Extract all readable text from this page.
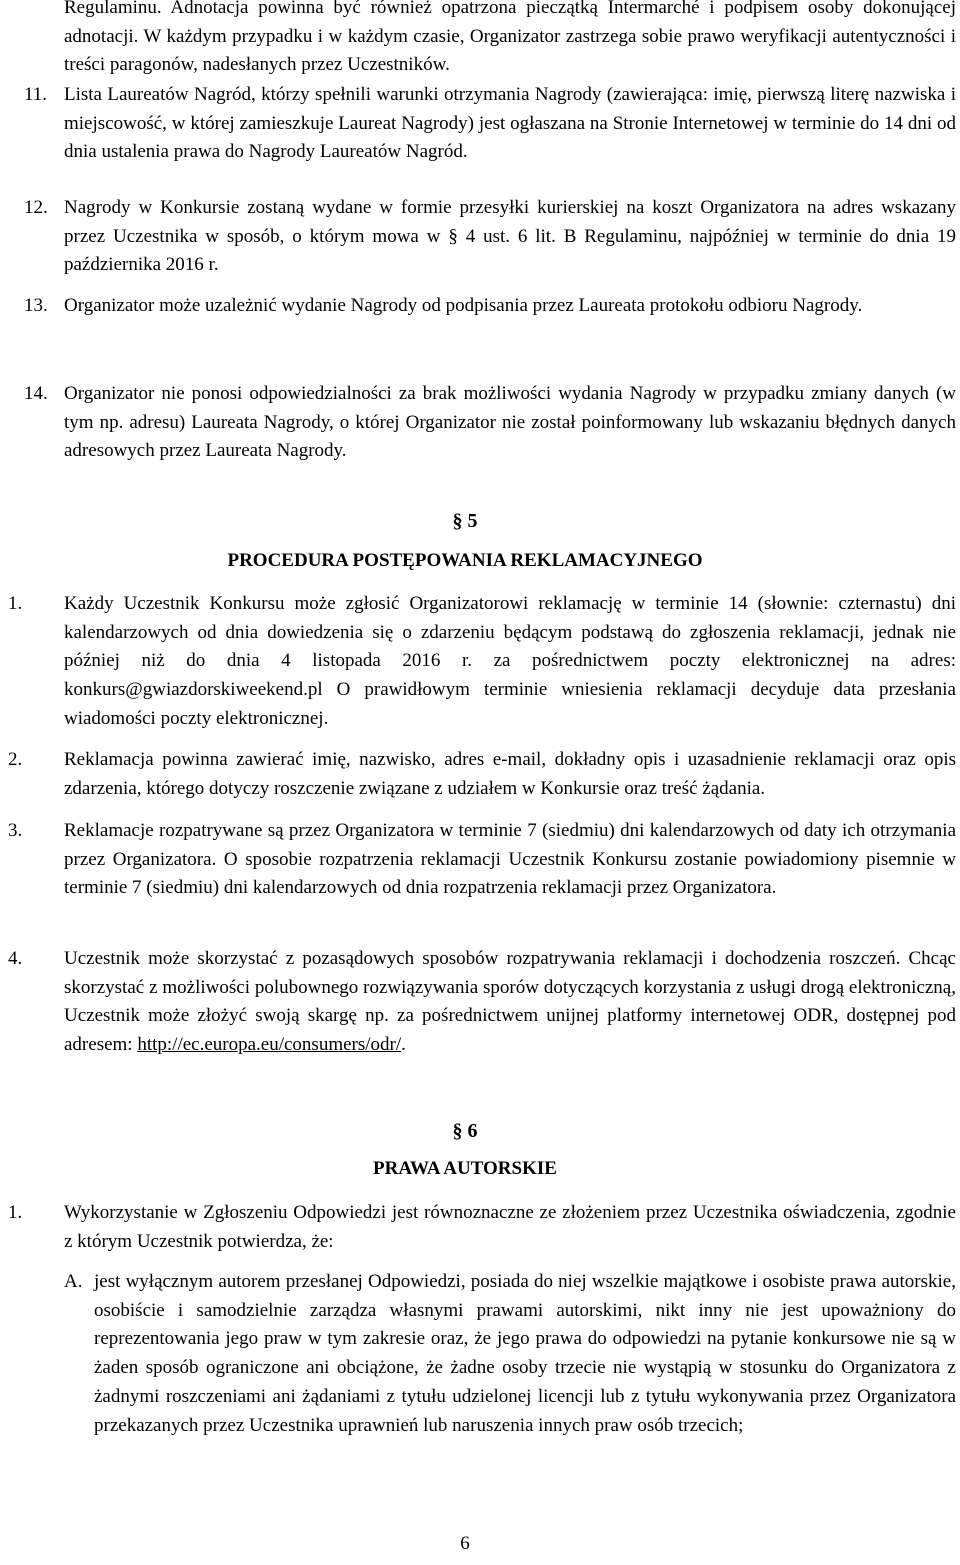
Regulaminu. Adnotacja powinna być również opatrzona pieczątką Intermarché i podpisem osoby dokonującej adnotacji. W każdym przypadku i w każdym czasie, Organizator zastrzega sobie prawo weryfikacji autentyczności i treści paragonów, nadesłanych przez Uczestników.
11. Lista Laureatów Nagród, którzy spełnili warunki otrzymania Nagrody (zawierająca: imię, pierwszą literę nazwiska i miejscowość, w której zamieszkuje Laureat Nagrody) jest ogłaszana na Stronie Internetowej w terminie do 14 dni od dnia ustalenia prawa do Nagrody Laureatów Nagród.
12. Nagrody w Konkursie zostaną wydane w formie przesyłki kurierskiej na koszt Organizatora na adres wskazany przez Uczestnika w sposób, o którym mowa w § 4 ust. 6 lit. B Regulaminu, najpóźniej w terminie do dnia 19 października 2016 r.
13. Organizator może uzależnić wydanie Nagrody od podpisania przez Laureata protokołu odbioru Nagrody.
14. Organizator nie ponosi odpowiedzialności za brak możliwości wydania Nagrody w przypadku zmiany danych (w tym np. adresu) Laureata Nagrody, o której Organizator nie został poinformowany lub wskazaniu błędnych danych adresowych przez Laureata Nagrody.
§ 5
PROCEDURA POSTĘPOWANIA REKLAMACYJNEGO
1. Każdy Uczestnik Konkursu może zgłosić Organizatorowi reklamację w terminie 14 (słownie: czternastu) dni kalendarzowych od dnia dowiedzenia się o zdarzeniu będącym podstawą do zgłoszenia reklamacji, jednak nie później niż do dnia 4 listopada 2016 r. za pośrednictwem poczty elektronicznej na adres: konkurs@gwiazdorskiweekend.pl O prawidłowym terminie wniesienia reklamacji decyduje data przesłania wiadomości poczty elektronicznej.
2. Reklamacja powinna zawierać imię, nazwisko, adres e-mail, dokładny opis i uzasadnienie reklamacji oraz opis zdarzenia, którego dotyczy roszczenie związane z udziałem w Konkursie oraz treść żądania.
3. Reklamacje rozpatrywane są przez Organizatora w terminie 7 (siedmiu) dni kalendarzowych od daty ich otrzymania przez Organizatora. O sposobie rozpatrzenia reklamacji Uczestnik Konkursu zostanie powiadomiony pisemnie w terminie 7 (siedmiu) dni kalendarzowych od dnia rozpatrzenia reklamacji przez Organizatora.
4. Uczestnik może skorzystać z pozasądowych sposobów rozpatrywania reklamacji i dochodzenia roszczeń. Chcąc skorzystać z możliwości polubownego rozwiązywania sporów dotyczących korzystania z usługi drogą elektroniczną, Uczestnik może złożyć swoją skargę np. za pośrednictwem unijnej platformy internetowej ODR, dostępnej pod adresem: http://ec.europa.eu/consumers/odr/.
§ 6
PRAWA AUTORSKIE
1. Wykorzystanie w Zgłoszeniu Odpowiedzi jest równoznaczne ze złożeniem przez Uczestnika oświadczenia, zgodnie z którym Uczestnik potwierdza, że:
A. jest wyłącznym autorem przesłanej Odpowiedzi, posiada do niej wszelkie majątkowe i osobiste prawa autorskie, osobiście i samodzielnie zarządza własnymi prawami autorskimi, nikt inny nie jest upoważniony do reprezentowania jego praw w tym zakresie oraz, że jego prawa do odpowiedzi na pytanie konkursowe nie są w żaden sposób ograniczone ani obciążone, że żadne osoby trzecie nie wystąpią w stosunku do Organizatora z żadnymi roszczeniami ani żądaniami z tytułu udzielonej licencji lub z tytułu wykonywania przez Organizatora przekazanych przez Uczestnika uprawnień lub naruszenia innych praw osób trzecich;
6
